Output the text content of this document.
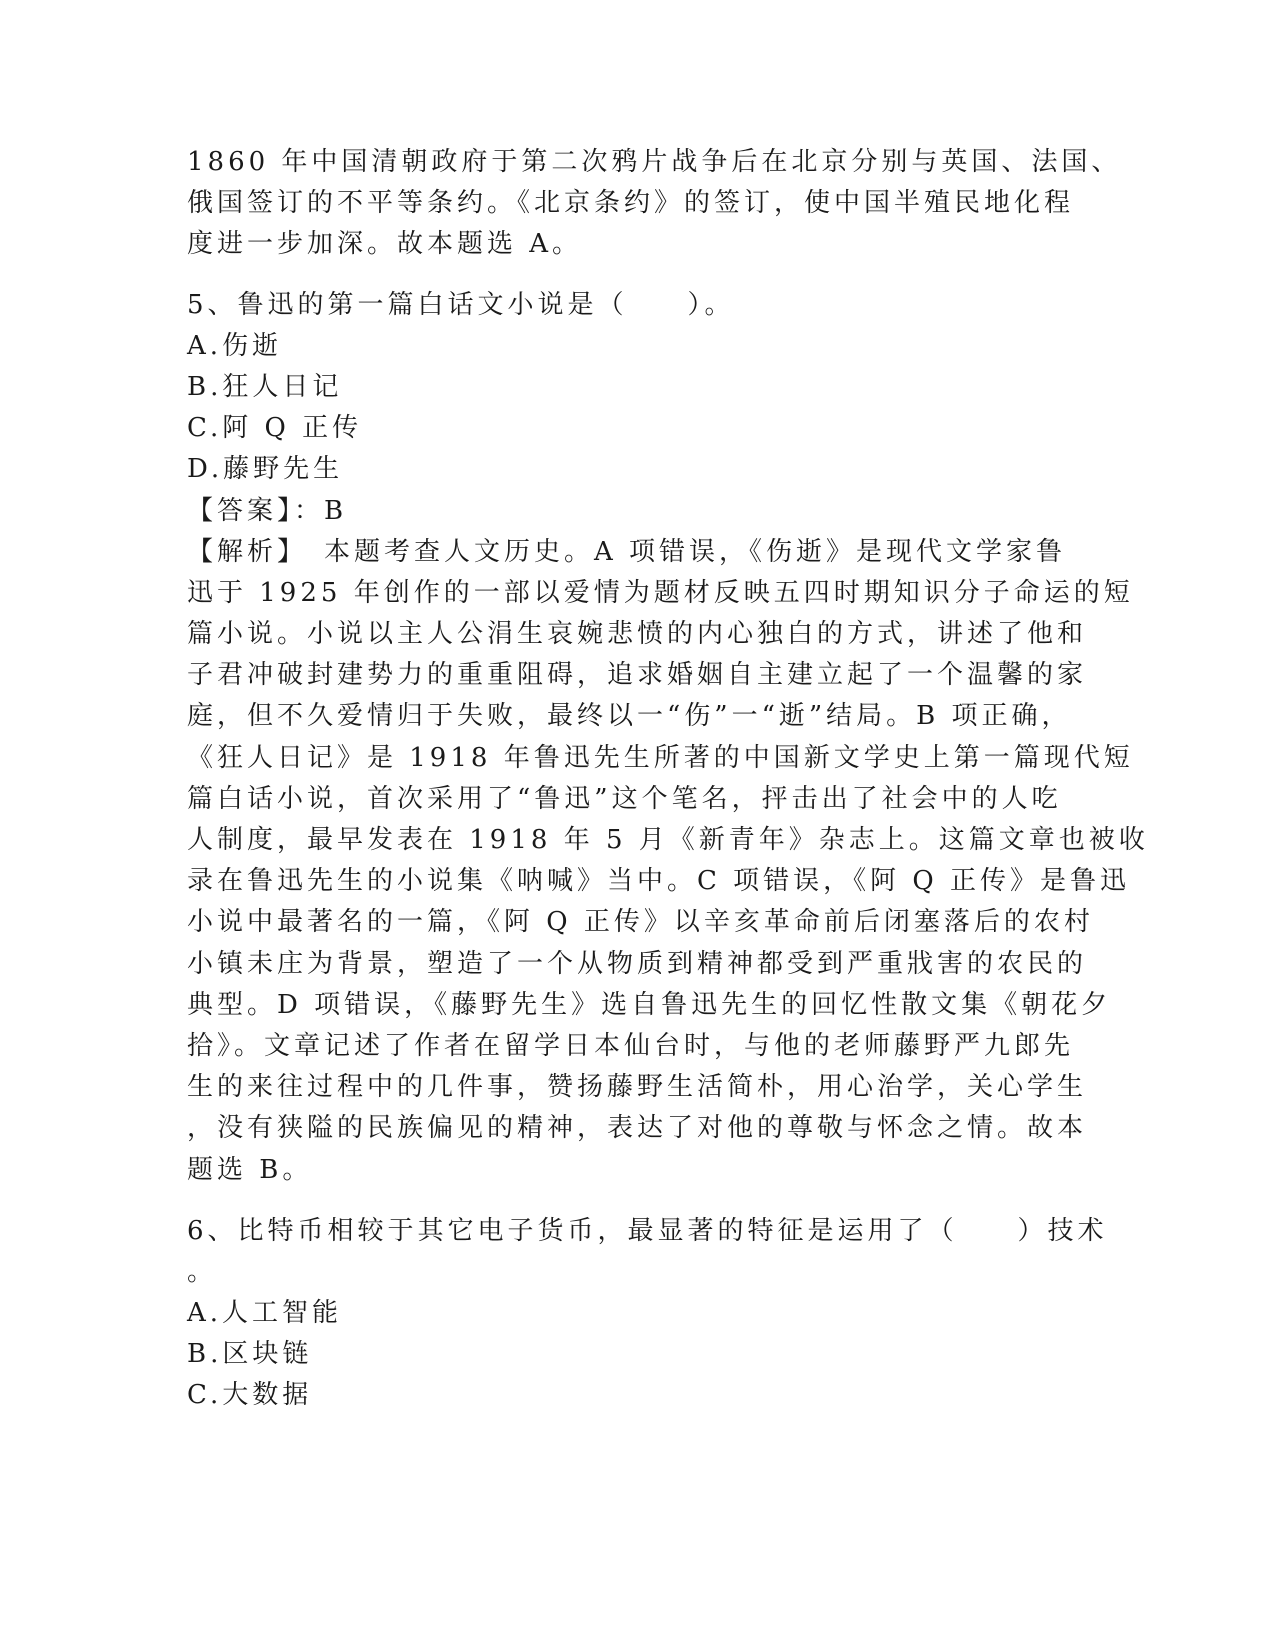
1860 年中国清朝政府于第二次鸦片战争后在北京分别与英国、法国、
俄国签订的不平等条约。《北京条约》的签订，使中国半殖民地化程
度进一步加深。故本题选 A。
5、鲁迅的第一篇白话文小说是（　　）。
A.伤逝
B.狂人日记
C.阿 Q 正传
D.藤野先生
【答案】：B
【解析】　本题考查人文历史。A 项错误，《伤逝》是现代文学家鲁
迅于 1925 年创作的一部以爱情为题材反映五四时期知识分子命运的短
篇小说。小说以主人公涓生哀婉悲愤的内心独白的方式，讲述了他和
子君冲破封建势力的重重阻碍，追求婚姻自主建立起了一个温馨的家
庭，但不久爱情归于失败，最终以一“伤”一“逝”结局。B 项正确，
《狂人日记》是 1918 年鲁迅先生所著的中国新文学史上第一篇现代短
篇白话小说，首次采用了“鲁迅”这个笔名，抨击出了社会中的人吃
人制度，最早发表在 1918 年 5 月《新青年》杂志上。这篇文章也被收
录在鲁迅先生的小说集《呐喊》当中。C 项错误，《阿 Q 正传》是鲁迅
小说中最著名的一篇，《阿 Q 正传》以辛亥革命前后闭塞落后的农村
小镇未庄为背景，塑造了一个从物质到精神都受到严重戕害的农民的
典型。D 项错误，《藤野先生》选自鲁迅先生的回忆性散文集《朝花夕
拾》。文章记述了作者在留学日本仙台时，与他的老师藤野严九郎先
生的来往过程中的几件事，赞扬藤野生活简朴，用心治学，关心学生
，没有狭隘的民族偏见的精神，表达了对他的尊敬与怀念之情。故本
题选 B。
6、比特币相较于其它电子货币，最显著的特征是运用了（　　）技术
。
A.人工智能
B.区块链
C.大数据
